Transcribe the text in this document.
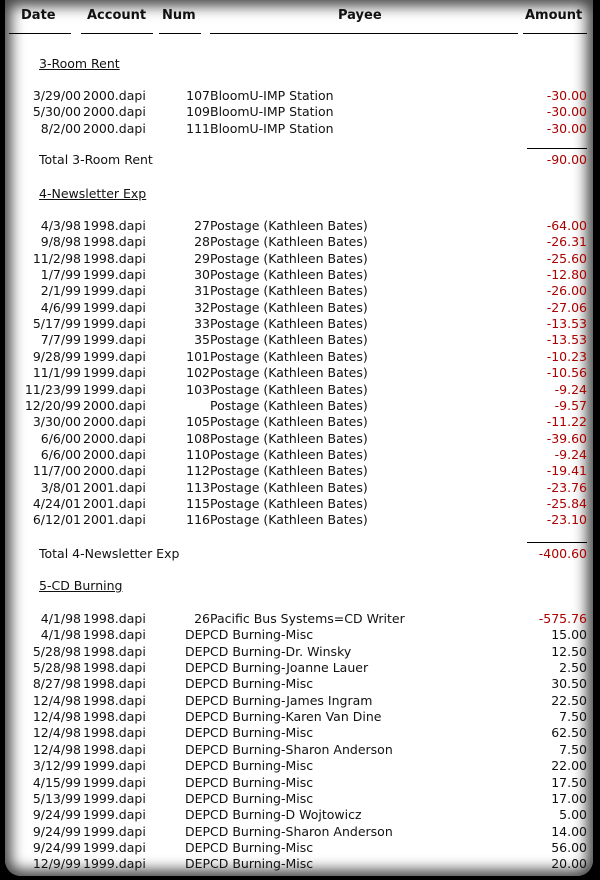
Date Account Num	Payee	Amount
3-Room Rent
3/29/00 2000.dapi	107 BloomU-IMP Station	-30.00
5/30/00 2000.dapi	109 BloomU-IMP Station	-30.00
8/2/00 2000.dapi	111 BloomU-IMP Station	-30.00
Total 3-Room Rent	-90.00
4-Newsletter Exp
4/3/98 1998.dapi	27 Postage (Kathleen Bates)	-64.00
9/8/98 1998.dapi	28 Postage (Kathleen Bates)	-26.31
11/2/98 1998.dapi	29 Postage (Kathleen Bates)	-25.60
1/7/99 1999.dapi	30 Postage (Kathleen Bates)	-12.80
2/1/99 1999.dapi	31 Postage (Kathleen Bates)	-26.00
4/6/99 1999.dapi	32 Postage (Kathleen Bates)	-27.06
5/17/99 1999.dapi	33 Postage (Kathleen Bates)	-13.53
7/7/99 1999.dapi	35 Postage (Kathleen Bates)	-13.53
9/28/99 1999.dapi	101 Postage (Kathleen Bates)	-10.23
11/1/99 1999.dapi	102 Postage (Kathleen Bates)	-10.56
11/23/99 1999.dapi	103 Postage (Kathleen Bates)	-9.24
12/20/99 2000.dapi	Postage (Kathleen Bates)	-9.57
3/30/00 2000.dapi	105 Postage (Kathleen Bates)	-11.22
6/6/00 2000.dapi	108 Postage (Kathleen Bates)	-39.60
6/6/00 2000.dapi	110 Postage (Kathleen Bates)	-9.24
11/7/00 2000.dapi	112 Postage (Kathleen Bates)	-19.41
3/8/01 2001.dapi	113 Postage (Kathleen Bates)	-23.76
4/24/01 2001.dapi	115 Postage (Kathleen Bates)	-25.84
6/12/01 2001.dapi	116 Postage (Kathleen Bates)	-23.10
Total 4-Newsletter Exp	-400.60
5-CD Burning
4/1/98 1998.dapi	26 Pacific Bus Systems=CD Writer	-575.76
4/1/98 1998.dapi	DEP CD Burning-Misc	15.00
5/28/98 1998.dapi	DEP CD Burning-Dr. Winsky	12.50
5/28/98 1998.dapi	DEP CD Burning-Joanne Lauer	2.50
8/27/98 1998.dapi	DEP CD Burning-Misc	30.50
12/4/98 1998.dapi	DEP CD Burning-James Ingram	22.50
12/4/98 1998.dapi	DEP CD Burning-Karen Van Dine	7.50
12/4/98 1998.dapi	DEP CD Burning-Misc	62.50
12/4/98 1998.dapi	DEP CD Burning-Sharon Anderson	7.50
3/12/99 1999.dapi	DEP CD Burning-Misc	22.00
4/15/99 1999.dapi	DEP CD Burning-Misc	17.50
5/13/99 1999.dapi	DEP CD Burning-Misc	17.00
9/24/99 1999.dapi	DEP CD Burning-D Wojtowicz	5.00
9/24/99 1999.dapi	DEP CD Burning-Sharon Anderson	14.00
9/24/99 1999.dapi	DEP CD Burning-Misc	56.00
12/9/99 1999.dapi	DEP CD Burning-Misc	20.00
